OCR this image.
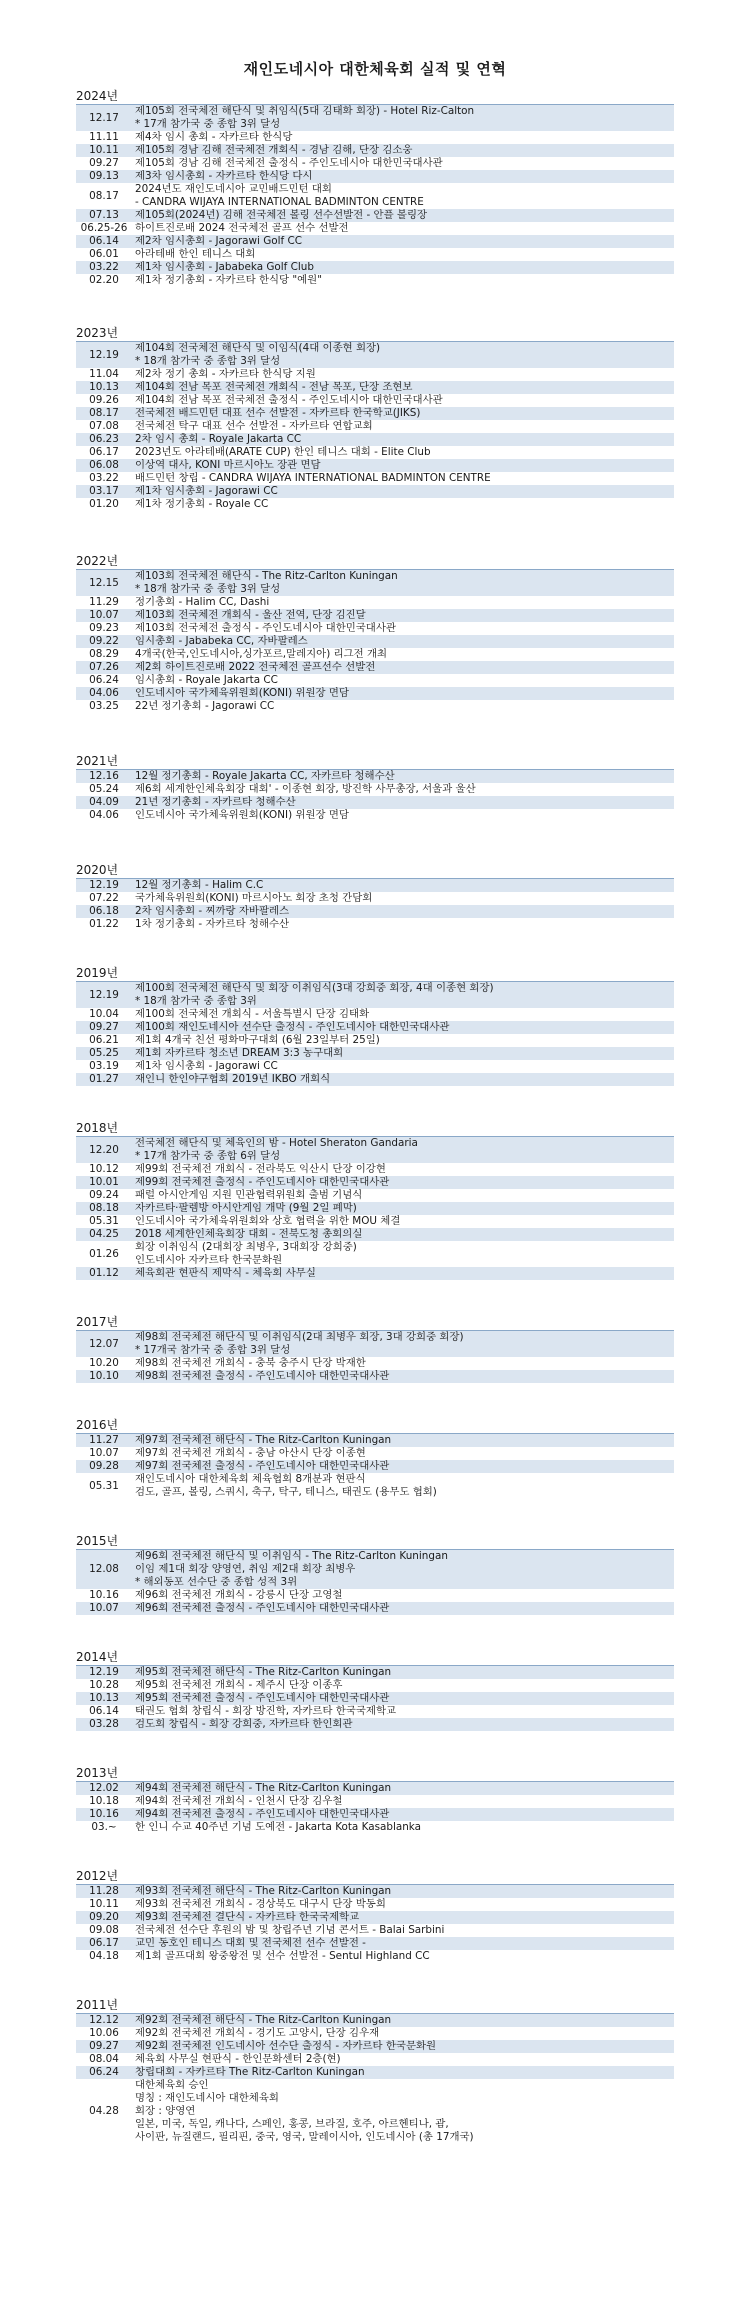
재인도네시아 대한체육회 실적 및 연혁
2024년
12.17
제105회 전국체전 해단식 및 취임식(5대 김태화 회장) - Hotel Riz-Calton
* 17개 참가국 중 종합 3위 달성
11.11	제4차 임시 총회 - 자카르타 한식당
10.11	제105회 경남 김해 전국체전 개회식 - 경남 김해, 단장 김소웅
09.27	제105회 경남 김해 전국체전 출정식 - 주인도네시아 대한민국대사관
09.13	제3차 임시총회 - 자카르타 한식당 다시
08.17
2024년도 재인도네시아 교민배드민턴 대회
- CANDRA WIJAYA INTERNATIONAL BADMINTON CENTRE
07.13	제105회(2024년) 김해 전국체전 볼링 선수선발전 - 안플 볼링장
06.25-26 하이트진로배 2024 전국체전 골프 선수 선발전
06.14	제2차 임시총회 - Jagorawi Golf CC
06.01	아라테배 한인 테니스 대회
03.22	제1차 임시총회 - Jababeka Golf Club
02.20	제1차 정기총회 - 자카르타 한식당 "예원"
2023년
12.19
제104회 전국체전 해단식 및 이임식(4대 이종현 회장)
* 18개 참가국 중 종합 3위 달성
11.04	제2차 정기 총회 - 자카르타 한식당 지원
10.13	제104회 전남 목포 전국체전 개회식 - 전남 목포, 단장 조현보
09.26	제104회 전남 목포 전국체전 출정식 - 주인도네시아 대한민국대사관
08.17	전국체전 배드민턴 대표 선수 선발전 - 자카르타 한국학교(JIKS)
07.08	전국체전 탁구 대표 선수 선발전 - 자카르타 연합교회
06.23	2차 임시 총회 - Royale Jakarta CC
06.17	2023년도 아라테배(ARATE CUP) 한인 테니스 대회 - Elite Club
06.08	이상역 대사, KONI 마르시아노 장관 면담
03.22	배드민턴 창립 - CANDRA WIJAYA INTERNATIONAL BADMINTON CENTRE
03.17	제1차 임시총회 - Jagorawi CC
01.20	제1차 정기총회 - Royale CC
2022년
12.15
제103회 전국체전 해단식 - The Ritz-Carlton Kuningan
* 18개 참가국 중 종합 3위 달성
11.29	정기총회 - Halim CC, Dashi
10.07	제103회 전국체전 개회식 - 울산 전역, 단장 김진달
09.23	제103회 전국체전 출정식 - 주인도네시아 대한민국대사관
09.22	임시총회 - Jababeka CC, 자바팔레스
08.29	4개국(한국,인도네시아,싱가포르,말레지아) 리그전 개최
07.26	제2회 하이트진로배 2022 전국체전 골프선수 선발전
06.24	임시총회 - Royale Jakarta CC
04.06	인도네시아 국가체육위원회(KONI) 위원장 면담
03.25	22년 정기총회 - Jagorawi CC
2021년
12.16	12월 정기총회 - Royale Jakarta CC, 자카르타 청해수산
05.24	제6회 세계한인체육회장 대회' - 이종현 회장, 방진학 사무총장, 서울과 울산
04.09	21년 정기총회 - 자카르타 청해수산
04.06	인도네시아 국가체육위원회(KONI) 위원장 면담
2020년
12.19	12월 정기총회 - Halim C.C
07.22	국가체육위원회(KONI) 마르시아노 회장 초청 간담회
06.18	2차 임시총회 - 찌까랑 자바팔레스
01.22	1차 정기총회 - 자카르타 청해수산
2019년
12.19
제100회 전국체전 해단식 및 회장 이취임식(3대 강희중 회장, 4대 이종현 회장)
* 18개 참가국 중 종합 3위
10.04	제100회 전국체전 개회식 - 서울특별시 단장 김태화
09.27	제100회 재인도네시아 선수단 출정식 - 주인도네시아 대한민국대사관
06.21	제1회 4개국 친선 평화마구대회 (6월 23일부터 25일)
05.25	제1회 자카르타 청소년 DREAM 3:3 농구대회
03.19	제1차 임시총회 - Jagorawi CC
01.27	재인니 한인야구협회 2019년 IKBO 개회식
2018년
12.20
전국체전 해단식 및 체육인의 밤 - Hotel Sheraton Gandaria
* 17개 참가국 중 종합 6위 달성
10.12	제99회 전국체전 개회식 - 전라북도 익산시 단장 이강현
10.01	제99회 전국체전 출정식 - 주인도네시아 대한민국대사관
09.24	패럴 아시안게임 지원 민관협력위원회 출범 기념식
08.18	자카르타·팔렘방 아시안게임 개막 (9월 2일 폐막)
05.31	인도네시아 국가체육위원회와 상호 협력을 위한 MOU 체결
04.25	2018 세계한인체육회장 대회 - 전북도청 총회의실
01.26
회장 이취임식 (2대회장 최병우, 3대회장 강희중)
인도네시아 자카르타 한국문화원
01.12	체육회관 현판식 제막식 - 체육회 사무실
2017년
12.07
제98회 전국체전 해단식 및 이취임식(2대 최병우 회장, 3대 강희중 회장)
* 17개국 참가국 중 종합 3위 달성
10.20	제98회 전국체전 개회식 - 충북 충주시 단장 박재한
10.10	제98회 전국체전 출정식 - 주인도네시아 대한민국대사관
2016년
11.27	제97회 전국체전 해단식 - The Ritz-Carlton Kuningan
10.07	제97회 전국체전 개회식 - 충남 아산시 단장 이종현
09.28	제97회 전국체전 출정식 - 주인도네시아 대한민국대사관
05.31
재인도네시아 대한체육회 체육협회 8개분과 현판식
검도, 골프, 볼링, 스쿼시, 축구, 탁구, 테니스, 태권도 (용무도 협회)
2015년
12.08
제96회 전국체전 해단식 및 이취임식 - The Ritz-Carlton Kuningan
이임 제1대 회장 양영연, 취임 제2대 회장 최병우
* 해외동포 선수단 중 종합 성적 3위
10.16	제96회 전국체전 개회식 - 강릉시 단장 고영철
10.07	제96회 전국체전 출정식 - 주인도네시아 대한민국대사관
2014년
12.19	제95회 전국체전 해단식 - The Ritz-Carlton Kuningan
10.28	제95회 전국체전 개회식 - 제주시 단장 이종후
10.13	제95회 전국체전 출정식 - 주인도네시아 대한민국대사관
06.14	태권도 협회 창립식 - 회장 방진학, 자카르타 한국국제학교
03.28	검도회 창립식 - 회장 강희중, 자카르타 한인회관
2013년
12.02	제94회 전국체전 해단식 - The Ritz-Carlton Kuningan
10.18	제94회 전국체전 개회식 - 인천시 단장 김우철
10.16	제94회 전국체전 출정식 - 주인도네시아 대한민국대사관
03.~	한 인니 수교 40주년 기념 도예전 - Jakarta Kota Kasablanka
2012년
11.28	제93회 전국체전 해단식 - The Ritz-Carlton Kuningan
10.11	제93회 전국체전 개회식 - 경상북도 대구시 단장 박동희
09.20	제93회 전국체전 결단식 - 자카르타 한국국제학교
09.08	전국체전 선수단 후원의 밤 및 창립주년 기념 콘서트 - Balai Sarbini
06.17	교민 동호인 테니스 대회 및 전국체전 선수 선발전 -
04.18	제1회 골프대회 왕중왕전 및 선수 선발전 - Sentul Highland CC
2011년
12.12	제92회 전국체전 해단식 - The Ritz-Carlton Kuningan
10.06	제92회 전국체전 개회식 - 경기도 고양시, 단장 김우재
09.27	제92회 전국체전 인도네시아 선수단 출정식 - 자카르타 한국문화원
08.04	체육회 사무실 현판식 - 한인문화센터 2층(현)
06.24	창립대회 - 자카르타 The Ritz-Carlton Kuningan
04.28
대한체육회 승인
명칭 : 재인도네시아 대한체육회
회장 : 양영연
일본, 미국, 독일, 캐나다, 스페인, 홍콩, 브라질, 호주, 아르헨티나, 괌,
사이판, 뉴질랜드, 필리핀, 중국, 영국, 말레이시아, 인도네시아 (총 17개국)
